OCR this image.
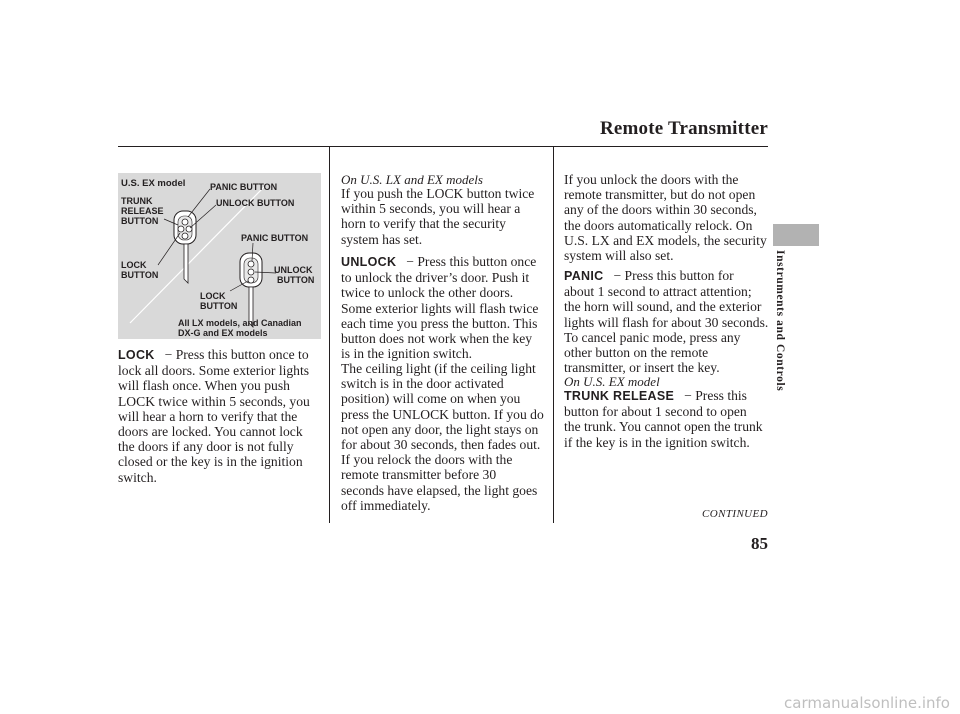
Remote Transmitter
Instruments and Controls
U.S. EX model	PANIC BUTTON
TRUNK
RELEASE
BUTTON
UNLOCK BUTTON
PANIC BUTTON
LOCK
BUTTON	UNLOCK
BUTTON
LOCK
BUTTON
All LX models, and Canadian
DX-G and EX models
LOCK − Press this button once to
lock all doors. Some exterior lights
will flash once. When you push
LOCK twice within 5 seconds, you
will hear a horn to verify that the
doors are locked. You cannot lock
the doors if any door is not fully
closed or the key is in the ignition
switch.
On U.S. LX and EX models
If you push the LOCK button twice
within 5 seconds, you will hear a
horn to verify that the security
system has set.
UNLOCK − Press this button once
to unlock the driver’s door. Push it
twice to unlock the other doors.
Some exterior lights will flash twice
each time you press the button. This
button does not work when the key
is in the ignition switch.
The ceiling light (if the ceiling light
switch is in the door activated
position) will come on when you
press the UNLOCK button. If you do
not open any door, the light stays on
for about 30 seconds, then fades out.
If you relock the doors with the
remote transmitter before 30
seconds have elapsed, the light goes
off immediately.
If you unlock the doors with the
remote transmitter, but do not open
any of the doors within 30 seconds,
the doors automatically relock. On
U.S. LX and EX models, the security
system will also set.
PANIC − Press this button for
about 1 second to attract attention;
the horn will sound, and the exterior
lights will flash for about 30 seconds.
To cancel panic mode, press any
other button on the remote
transmitter, or insert the key.
On U.S. EX model
TRUNK RELEASE − Press this
button for about 1 second to open
the trunk. You cannot open the trunk
if the key is in the ignition switch.
CONTINUED
85
carmanualsonline.info
